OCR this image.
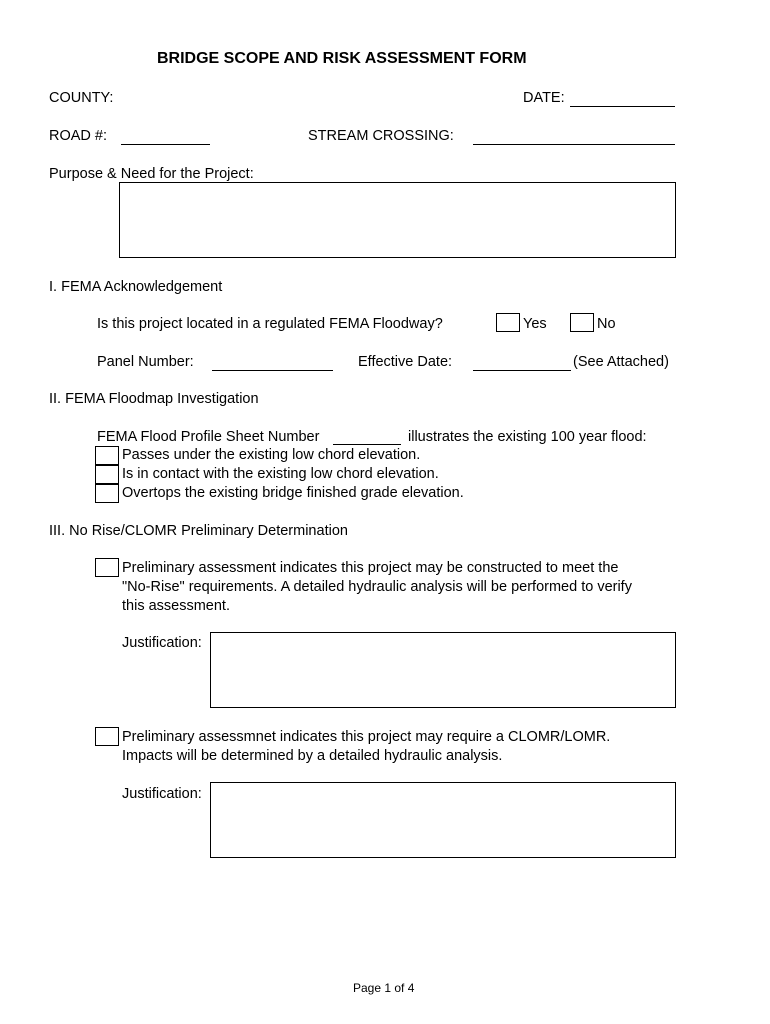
BRIDGE SCOPE AND RISK ASSESSMENT FORM
COUNTY:	DATE:
ROAD #:	STREAM CROSSING:
Purpose & Need for the Project:
I. FEMA Acknowledgement
Is this project located in a regulated FEMA Floodway?	Yes	No
Panel Number:	Effective Date:	(See Attached)
II. FEMA Floodmap Investigation
FEMA Flood Profile Sheet Number	illustrates the existing 100 year flood:
Passes under the existing low chord elevation.
Is in contact with the existing low chord elevation.
Overtops the existing bridge finished grade elevation.
III. No Rise/CLOMR Preliminary Determination
Preliminary assessment indicates this project may be constructed to meet the
"No-Rise" requirements. A detailed hydraulic analysis will be performed to verify
this assessment.
Justification:
Preliminary assessmnet indicates this project may require a CLOMR/LOMR.
Impacts will be determined by a detailed hydraulic analysis.
Justification:
Page 1 of 4
